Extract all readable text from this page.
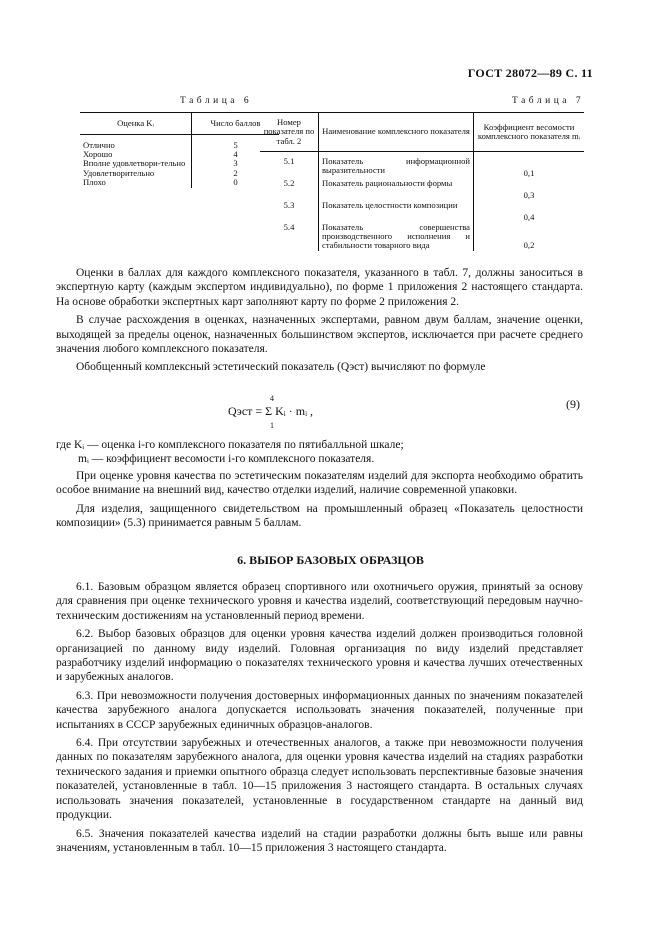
ГОСТ 28072—89 С. 11
Таблица 6	Таблица 7
Оценка Kᵢ	Число баллов

Отлично	5
Хорошо	4
Вполне удовлетвори-тельно	3
Удовлетворительно	2
Плохо	0
Номер показателя по табл. 2	Наименование комплексного показателя	Коэффициент весомости комплексного показателя mᵢ

5.1	Показатель информационной выразительности	0,1
5.2	Показатель рациональности формы	0,3
5.3	Показатель целостности композиции	0,4
5.4	Показатель совершенства производственного исполнения и стабильности товарного вида	0,2

Оценки в баллах для каждого комплексного показателя, указанного в табл. 7, должны заноситься в экспертную карту (каждым экспертом индивидуально), по форме 1 приложения 2 настоящего стандарта. На основе обработки экспертных карт заполняют карту по форме 2 приложения 2.

В случае расхождения в оценках, назначенных экспертами, равном двум баллам, значение оценки, выходящей за пределы оценок, назначенных большинством экспертов, исключается при расчете среднего значения любого комплексного показателя.

Обобщенный комплексный эстетический показатель (Qэст) вычисляют по формуле

4
Qэст = Σ Kᵢ · mᵢ ,
1
(9)

где Kᵢ — оценка i-го комплексного показателя по пятибалльной шкале;

mᵢ — коэффициент весомости i-го комплексного показателя.

При оценке уровня качества по эстетическим показателям изделий для экспорта необходимо обратить особое внимание на внешний вид, качество отделки изделий, наличие современной упаковки.

Для изделия, защищенного свидетельством на промышленный образец «Показатель целостности композиции» (5.3) принимается равным 5 баллам.

6. ВЫБОР БАЗОВЫХ ОБРАЗЦОВ

6.1. Базовым образцом является образец спортивного или охотничьего оружия, принятый за основу для сравнения при оценке технического уровня и качества изделий, соответствующий передовым научно-техническим достижениям на установленный период времени.

6.2. Выбор базовых образцов для оценки уровня качества изделий должен производиться головной организацией по данному виду изделий. Головная организация по виду изделий представляет разработчику изделий информацию о показателях технического уровня и качества лучших отечественных и зарубежных аналогов.

6.3. При невозможности получения достоверных информационных данных по значениям показателей качества зарубежного аналога допускается использовать значения показателей, полученные при испытаниях в СССР зарубежных единичных образцов-аналогов.

6.4. При отсутствии зарубежных и отечественных аналогов, а также при невозможности получения данных по показателям зарубежного аналога, для оценки уровня качества изделий на стадиях разработки технического задания и приемки опытного образца следует использовать перспективные базовые значения показателей, установленные в табл. 10—15 приложения 3 настоящего стандарта. В остальных случаях использовать значения показателей, установленные в государственном стандарте на данный вид продукции.

6.5. Значения показателей качества изделий на стадии разработки должны быть выше или равны значениям, установленным в табл. 10—15 приложения 3 настоящего стандарта.
